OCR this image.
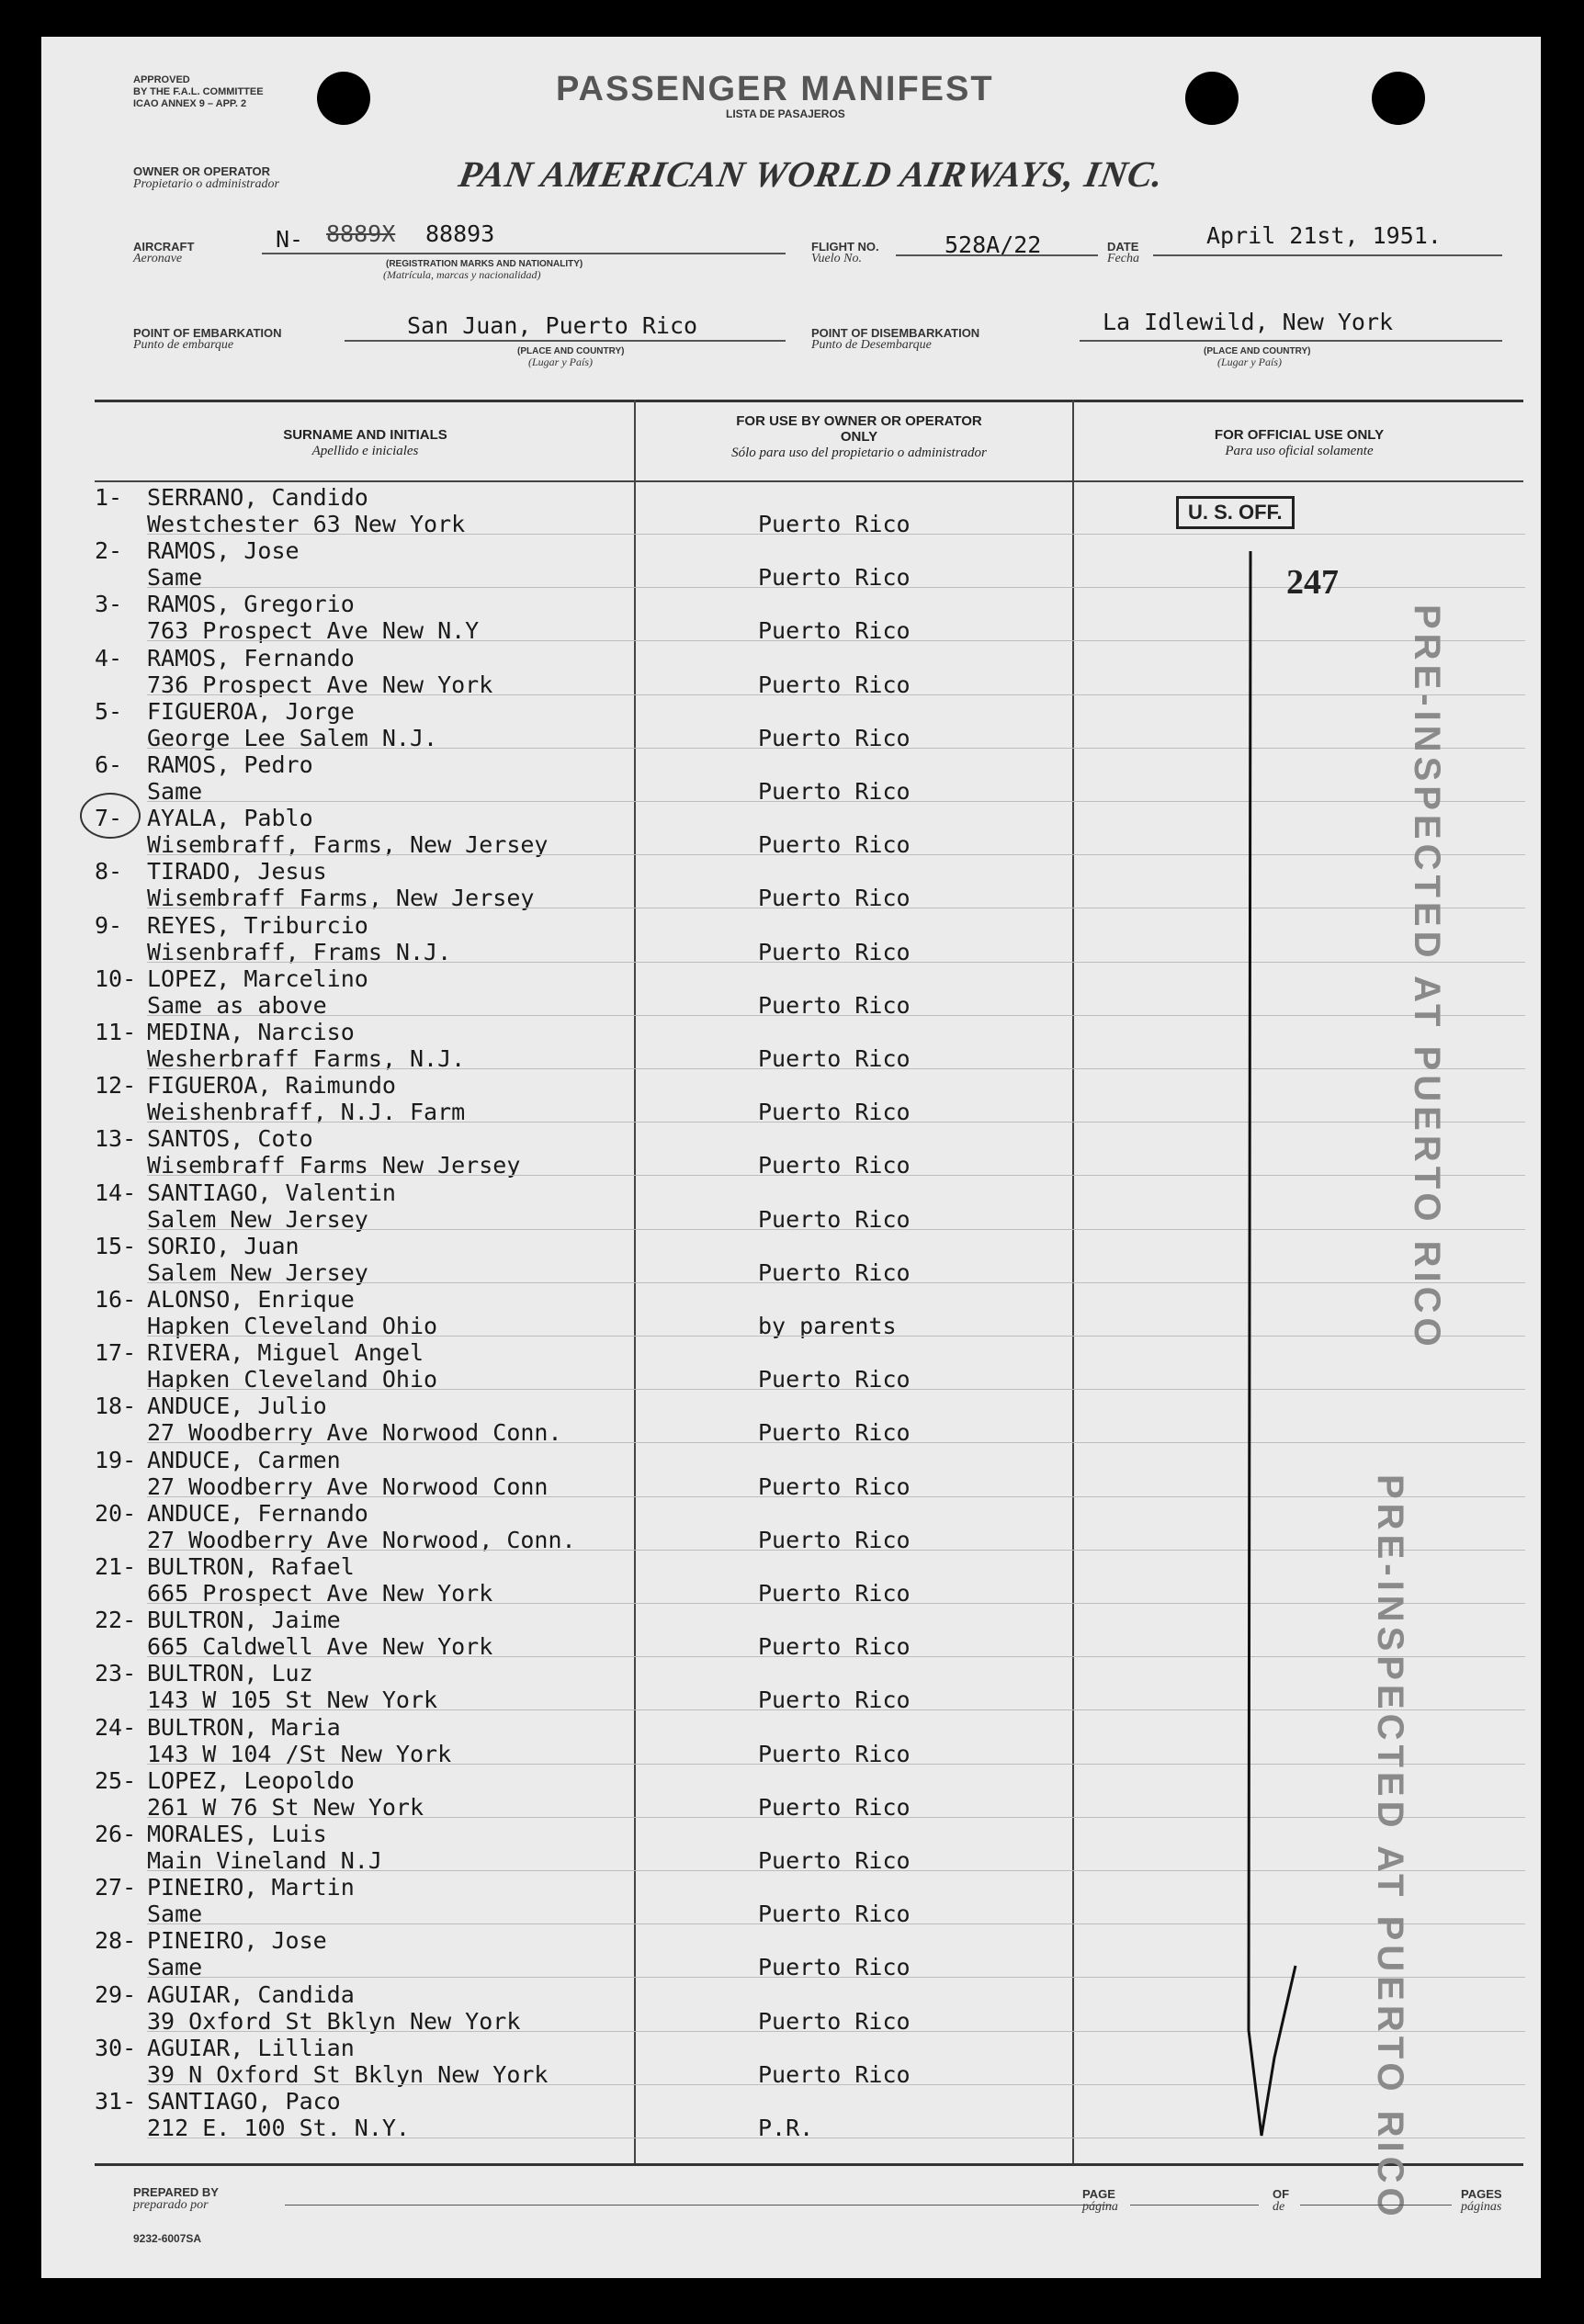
APPROVED
BY THE F.A.L. COMMITTEE
ICAO ANNEX 9 – APP. 2	PASSENGER MANIFEST
LISTA DE PASAJEROS
OWNER OR OPERATOR
Propietario o administrador	PAN AMERICAN WORLD AIRWAYS, INC.
AIRCRAFT
Aeronave
N- 8889X 88893
(REGISTRATION MARKS AND NATIONALITY)
(Matrícula, marcas y nacionalidad)
FLIGHT NO.
Vuelo No.
528A/22	DATE
Fecha
April 21st, 1951.
POINT OF EMBARKATION
Punto de embarque
San Juan, Puerto Rico
(PLACE AND COUNTRY)
(Lugar y País)
POINT OF DISEMBARKATION
Punto de Desembarque
La Idlewild, New York
(PLACE AND COUNTRY)
(Lugar y País)
SURNAME AND INITIALS
Apellido e iniciales
FOR USE BY OWNER OR OPERATOR ONLY
Sólo para uso del propietario o administrador
FOR OFFICIAL USE ONLY
Para uso oficial solamente
1- SERRANO, Candido
Westchester 63 New York	Puerto Rico
2- RAMOS, Jose
Same	Puerto Rico
3- RAMOS, Gregorio
763 Prospect Ave New N.Y	Puerto Rico
4- RAMOS, Fernando
736 Prospect Ave New York	Puerto Rico
5- FIGUEROA, Jorge
George Lee Salem N.J.	Puerto Rico
6- RAMOS, Pedro
Same	Puerto Rico
7- AYALA, Pablo
Wisembraff, Farms, New Jersey	Puerto Rico
8- TIRADO, Jesus
Wisembraff Farms, New Jersey	Puerto Rico
9- REYES, Triburcio
Wisenbraff, Frams N.J.	Puerto Rico
10- LOPEZ, Marcelino
Same as above	Puerto Rico
11- MEDINA, Narciso
Wesherbraff Farms, N.J.	Puerto Rico
12- FIGUEROA, Raimundo
Weishenbraff, N.J. Farm	Puerto Rico
13- SANTOS, Coto
Wisembraff Farms New Jersey	Puerto Rico
14- SANTIAGO, Valentin
Salem New Jersey	Puerto Rico
15- SORIO, Juan
Salem New Jersey	Puerto Rico
16- ALONSO, Enrique
Hapken Cleveland Ohio	by parents
17- RIVERA, Miguel Angel
Hapken Cleveland Ohio	Puerto Rico
18- ANDUCE, Julio
27 Woodberry Ave Norwood Conn.	Puerto Rico
19- ANDUCE, Carmen
27 Woodberry Ave Norwood Conn	Puerto Rico
20- ANDUCE, Fernando
27 Woodberry Ave Norwood, Conn.	Puerto Rico
21- BULTRON, Rafael
665 Prospect Ave New York	Puerto Rico
22- BULTRON, Jaime
665 Caldwell Ave New York	Puerto Rico
23- BULTRON, Luz
143 W 105 St New York	Puerto Rico
24- BULTRON, Maria
143 W 104 /St New York	Puerto Rico
25- LOPEZ, Leopoldo
261 W 76 St New York	Puerto Rico
26- MORALES, Luis
Main Vineland N.J	Puerto Rico
27- PINEIRO, Martin
Same	Puerto Rico
28- PINEIRO, Jose
Same	Puerto Rico
29- AGUIAR, Candida
39 Oxford St Bklyn New York	Puerto Rico
30- AGUIAR, Lillian
39 N Oxford St Bklyn New York	Puerto Rico
31- SANTIAGO, Paco
212 E. 100 St. N.Y.	P.R.
U. S. OFF.
247
PRE-INSPECTED AT PUERTO RICO
PRE-INSPECTED AT PUERTO RICO
PREPARED BY
preparado por
PAGE
página
OF
de
PAGES
páginas
9232-6007SA
